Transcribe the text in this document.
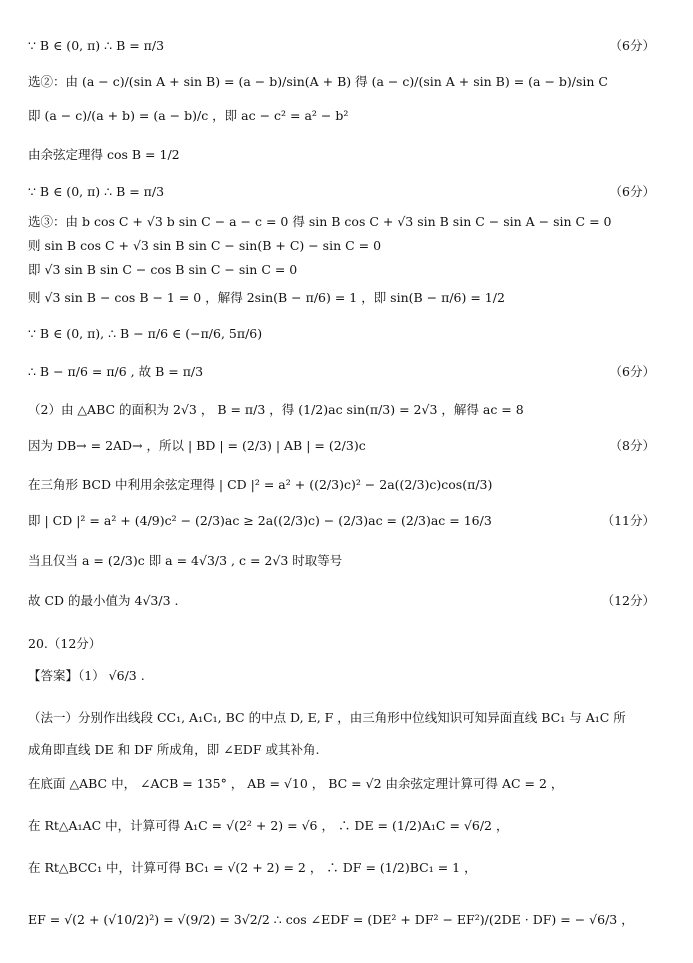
∵ B ∈ (0, π) ∴ B = π/3	（6分）
选②：由 (a − c)/(sin A + sin B) = (a − b)/sin(A + B) 得 (a − c)/(sin A + sin B) = (a − b)/sin C
即 (a − c)/(a + b) = (a − b)/c ，即 ac − c² = a² − b²
由余弦定理得 cos B = 1/2
∵ B ∈ (0, π) ∴ B = π/3	（6分）
选③：由 b cos C + √3 b sin C − a − c = 0 得 sin B cos C + √3 sin B sin C − sin A − sin C = 0
则 sin B cos C + √3 sin B sin C − sin(B + C) − sin C = 0
即 √3 sin B sin C − cos B sin C − sin C = 0
则 √3 sin B − cos B − 1 = 0 ，解得 2sin(B − π/6) = 1 ，即 sin(B − π/6) = 1/2
∵ B ∈ (0, π), ∴ B − π/6 ∈ (−π/6, 5π/6)
∴ B − π/6 = π/6 , 故 B = π/3	（6分）
（2）由 △ABC 的面积为 2√3 ， B = π/3 ，得 (1/2)ac sin(π/3) = 2√3 ，解得 ac = 8
因为 DB→ = 2AD→ ，所以 | BD | = (2/3) | AB | = (2/3)c	（8分）
在三角形 BCD 中利用余弦定理得 | CD |² = a² + ((2/3)c)² − 2a((2/3)c)cos(π/3)
即 | CD |² = a² + (4/9)c² − (2/3)ac ≥ 2a((2/3)c) − (2/3)ac = (2/3)ac = 16/3	（11分）
当且仅当 a = (2/3)c 即 a = 4√3/3 , c = 2√3 时取等号
故 CD 的最小值为 4√3/3 .	（12分）
20.（12分）
【答案】（1） √6/3 .
（法一）分别作出线段 CC₁, A₁C₁, BC 的中点 D, E, F ，由三角形中位线知识可知异面直线 BC₁ 与 A₁C 所
成角即直线 DE 和 DF 所成角，即 ∠EDF 或其补角.
在底面 △ABC 中， ∠ACB = 135° ， AB = √10 ， BC = √2 由余弦定理计算可得 AC = 2 ，
在 Rt△A₁AC 中，计算可得 A₁C = √(2² + 2) = √6 ， ∴ DE = (1/2)A₁C = √6/2 ，
在 Rt△BCC₁ 中，计算可得 BC₁ = √(2 + 2) = 2 ， ∴ DF = (1/2)BC₁ = 1 ，
EF = √(2 + (√10/2)²) = √(9/2) = 3√2/2 ∴ cos ∠EDF = (DE² + DF² − EF²)/(2DE · DF) = − √6/3 ，
